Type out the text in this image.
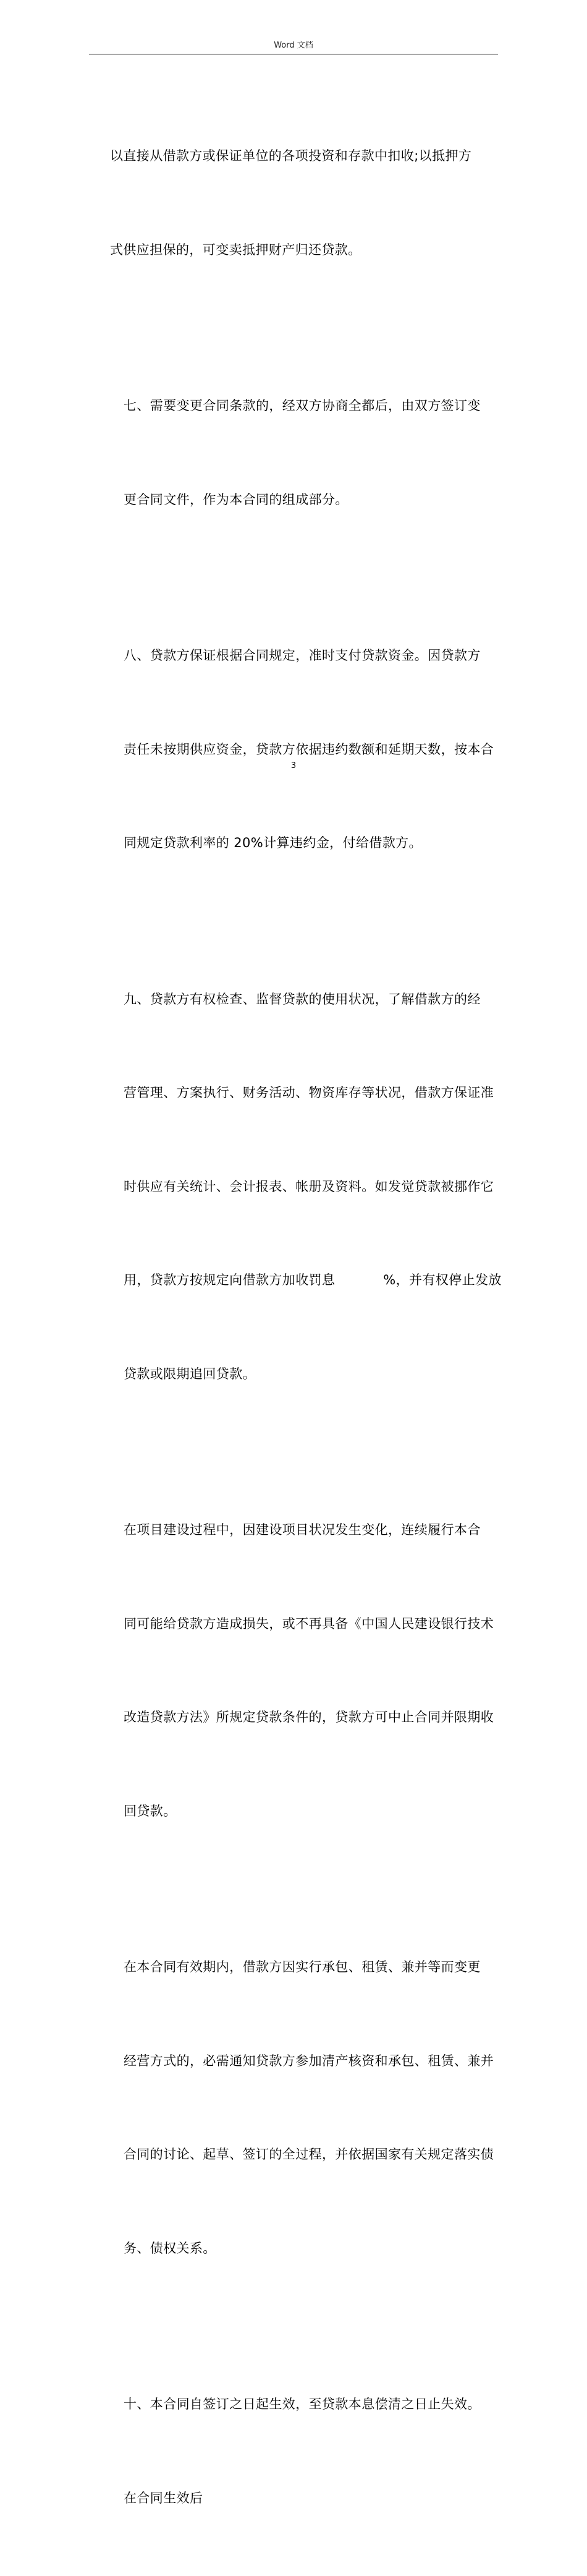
Word 文档

以直接从借款方或保证单位的各项投资和存款中扣收;以抵押方

式供应担保的，可变卖抵押财产归还贷款。

七、需要变更合同条款的，经双方协商全都后，由双方签订变

更合同文件，作为本合同的组成部分。

八、贷款方保证根据合同规定，准时支付贷款资金。因贷款方

责任未按期供应资金，贷款方依据违约数额和延期天数，按本合

同规定贷款利率的 20%计算违约金，付给借款方。

九、贷款方有权检查、监督贷款的使用状况，了解借款方的经

营管理、方案执行、财务活动、物资库存等状况，借款方保证准

时供应有关统计、会计报表、帐册及资料。如发觉贷款被挪作它

用，贷款方按规定向借款方加收罚息           %，并有权停止发放

贷款或限期追回贷款。

在项目建设过程中，因建设项目状况发生变化，连续履行本合

同可能给贷款方造成损失，或不再具备《中国人民建设银行技术

改造贷款方法》所规定贷款条件的，贷款方可中止合同并限期收

回贷款。

在本合同有效期内，借款方因实行承包、租赁、兼并等而变更

经营方式的，必需通知贷款方参加清产核资和承包、租赁、兼并

合同的讨论、起草、签订的全过程，并依据国家有关规定落实债

务、债权关系。

十、本合同自签订之日起生效，至贷款本息偿清之日止失效。

在合同生效后

3
